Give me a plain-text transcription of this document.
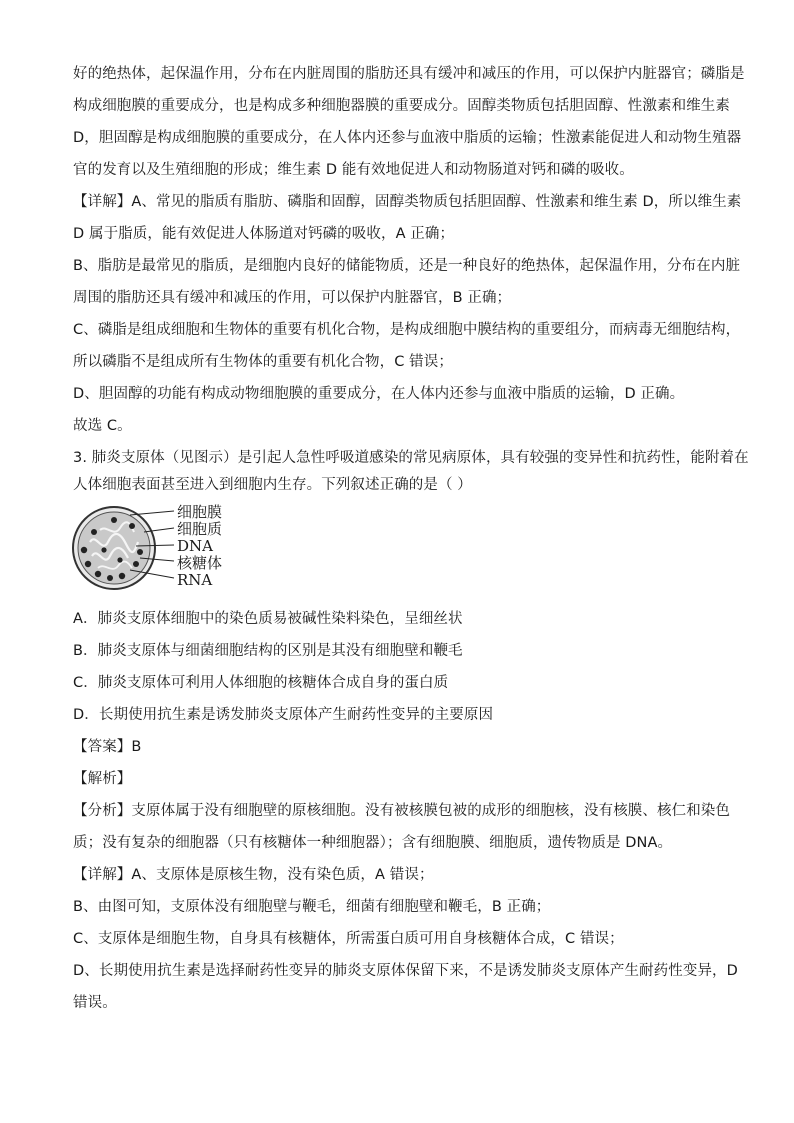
好的绝热体，起保温作用，分布在内脏周围的脂肪还具有缓冲和减压的作用，可以保护内脏器官；磷脂是
构成细胞膜的重要成分，也是构成多种细胞器膜的重要成分。固醇类物质包括胆固醇、性激素和维生素
D，胆固醇是构成细胞膜的重要成分，在人体内还参与血液中脂质的运输；性激素能促进人和动物生殖器
官的发育以及生殖细胞的形成；维生素 D 能有效地促进人和动物肠道对钙和磷的吸收。
【详解】A、常见的脂质有脂肪、磷脂和固醇，固醇类物质包括胆固醇、性激素和维生素 D，所以维生素
D 属于脂质，能有效促进人体肠道对钙磷的吸收，A 正确；
B、脂肪是最常见的脂质，是细胞内良好的储能物质，还是一种良好的绝热体，起保温作用，分布在内脏
周围的脂肪还具有缓冲和减压的作用，可以保护内脏器官，B 正确；
C、磷脂是组成细胞和生物体的重要有机化合物，是构成细胞中膜结构的重要组分，而病毒无细胞结构，
所以磷脂不是组成所有生物体的重要有机化合物，C 错误；
D、胆固醇的功能有构成动物细胞膜的重要成分，在人体内还参与血液中脂质的运输，D 正确。
故选 C。
3. 肺炎支原体（见图示）是引起人急性呼吸道感染的常见病原体，具有较强的变异性和抗药性，能附着在
人体细胞表面甚至进入到细胞内生存。下列叙述正确的是（ ）
细胞膜
细胞质
DNA
核糖体
RNA
A．肺炎支原体细胞中的染色质易被碱性染料染色，呈细丝状
B．肺炎支原体与细菌细胞结构的区别是其没有细胞壁和鞭毛
C．肺炎支原体可利用人体细胞的核糖体合成自身的蛋白质
D．长期使用抗生素是诱发肺炎支原体产生耐药性变异的主要原因
【答案】B
【解析】
【分析】支原体属于没有细胞壁的原核细胞。没有被核膜包被的成形的细胞核，没有核膜、核仁和染色
质；没有复杂的细胞器（只有核糖体一种细胞器）；含有细胞膜、细胞质，遗传物质是 DNA。
【详解】A、支原体是原核生物，没有染色质，A 错误；
B、由图可知，支原体没有细胞壁与鞭毛，细菌有细胞壁和鞭毛，B 正确；
C、支原体是细胞生物，自身具有核糖体，所需蛋白质可用自身核糖体合成，C 错误；
D、长期使用抗生素是选择耐药性变异的肺炎支原体保留下来，不是诱发肺炎支原体产生耐药性变异，D
错误。
